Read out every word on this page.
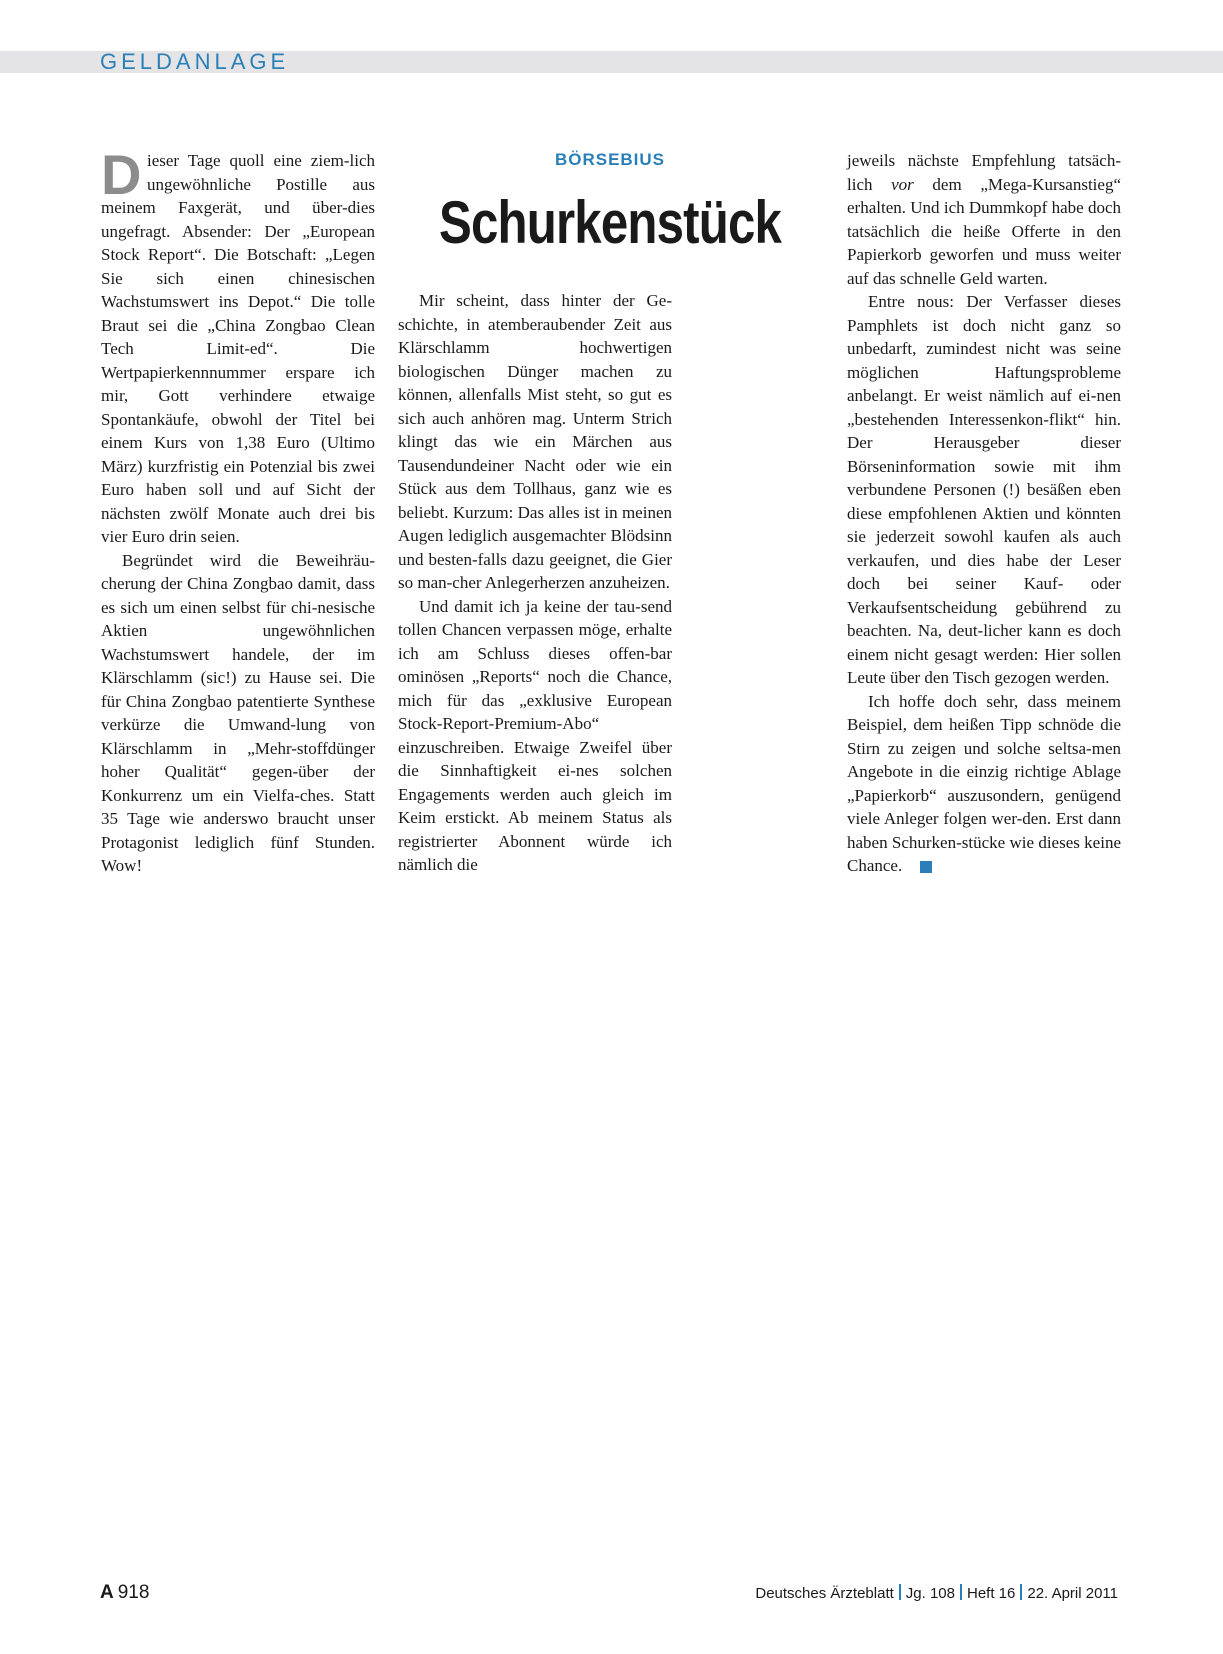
GELDANLAGE
BÖRSEBIUS
Schurkenstück

Dieser Tage quoll eine ziem-lich ungewöhnliche Postille aus meinem Faxgerät, und über-dies ungefragt. Absender: Der „European Stock Report“. Die Botschaft: „Legen Sie sich einen chinesischen Wachstumswert ins Depot.“ Die tolle Braut sei die „China Zongbao Clean Tech Limit-ed“. Die Wertpapierkennnummer erspare ich mir, Gott verhindere etwaige Spontankäufe, obwohl der Titel bei einem Kurs von 1,38 Euro (Ultimo März) kurzfristig ein Potenzial bis zwei Euro haben soll und auf Sicht der nächsten zwölf Monate auch drei bis vier Euro drin seien.

Begründet wird die Beweihräu-cherung der China Zongbao damit, dass es sich um einen selbst für chi-nesische Aktien ungewöhnlichen Wachstumswert handele, der im Klärschlamm (sic!) zu Hause sei. Die für China Zongbao patentierte Synthese verkürze die Umwand-lung von Klärschlamm in „Mehr-stoffdünger hoher Qualität“ gegen-über der Konkurrenz um ein Vielfa-ches. Statt 35 Tage wie anderswo braucht unser Protagonist lediglich fünf Stunden. Wow!

Mir scheint, dass hinter der Ge-schichte, in atemberaubender Zeit aus Klärschlamm hochwertigen biologischen Dünger machen zu können, allenfalls Mist steht, so gut es sich auch anhören mag. Unterm Strich klingt das wie ein Märchen aus Tausendundeiner Nacht oder wie ein Stück aus dem Tollhaus, ganz wie es beliebt. Kurzum: Das alles ist in meinen Augen lediglich ausgemachter Blödsinn und besten-falls dazu geeignet, die Gier so man-cher Anlegerherzen anzuheizen.

Und damit ich ja keine der tau-send tollen Chancen verpassen möge, erhalte ich am Schluss dieses offen-bar ominösen „Reports“ noch die Chance, mich für das „exklusive European Stock-Report-Premium-Abo“ einzuschreiben. Etwaige Zweifel über die Sinnhaftigkeit ei-nes solchen Engagements werden auch gleich im Keim erstickt. Ab meinem Status als registrierter Abonnent würde ich nämlich die

jeweils nächste Empfehlung tatsäch-lich vor dem „Mega-Kursanstieg“ erhalten. Und ich Dummkopf habe doch tatsächlich die heiße Offerte in den Papierkorb geworfen und muss weiter auf das schnelle Geld warten.

Entre nous: Der Verfasser dieses Pamphlets ist doch nicht ganz so unbedarft, zumindest nicht was seine möglichen Haftungsprobleme anbelangt. Er weist nämlich auf ei-nen „bestehenden Interessenkon-flikt“ hin. Der Herausgeber dieser Börseninformation sowie mit ihm verbundene Personen (!) besäßen eben diese empfohlenen Aktien und könnten sie jederzeit sowohl kaufen als auch verkaufen, und dies habe der Leser doch bei seiner Kauf- oder Verkaufsentscheidung gebührend zu beachten. Na, deut-licher kann es doch einem nicht gesagt werden: Hier sollen Leute über den Tisch gezogen werden.

Ich hoffe doch sehr, dass meinem Beispiel, dem heißen Tipp schnöde die Stirn zu zeigen und solche seltsa-men Angebote in die einzig richtige Ablage „Papierkorb“ auszusondern, genügend viele Anleger folgen wer-den. Erst dann haben Schurken-stücke wie dieses keine Chance.

A 918	Deutsches Ärzteblatt Jg. 108 Heft 16 22. April 2011
